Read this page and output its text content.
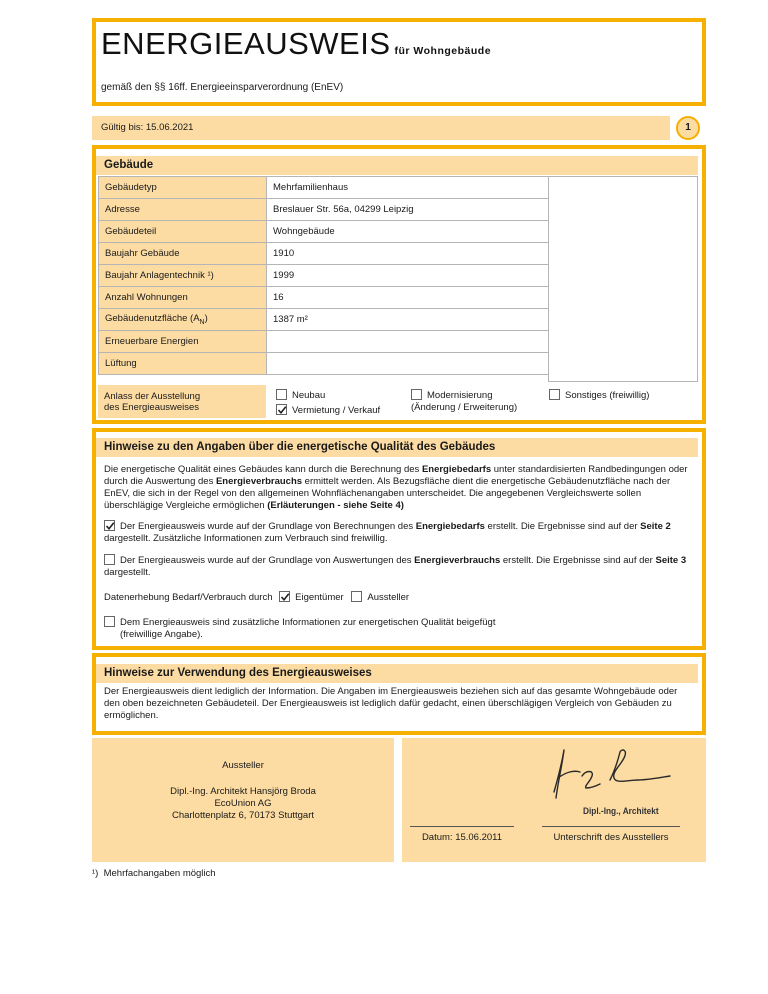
ENERGIEAUSWEIS für Wohngebäude
gemäß den §§ 16ff. Energieeinsparverordnung (EnEV)
Gültig bis: 15.06.2021	1
Gebäude
Gebäudetyp	Mehrfamilienhaus
Adresse	Breslauer Str. 56a, 04299 Leipzig
Gebäudeteil	Wohngebäude
Baujahr Gebäude	1910
Baujahr Anlagentechnik ¹)	1999
Anzahl Wohnungen	16
Gebäudenutzfläche $(A_N)$	1387 m²
Erneuerbare Energien	
Lüftung	
Anlass der Ausstellung
des Energieausweises
Neubau
Vermietung / Verkauf
Modernisierung
(Änderung / Erweiterung)
Sonstiges (freiwillig)
Hinweise zu den Angaben über die energetische Qualität des Gebäudes
Die energetische Qualität eines Gebäudes kann durch die Berechnung des Energiebedarfs unter standardisierten Randbedingungen oder durch die Auswertung des Energieverbrauchs ermittelt werden. Als Bezugsfläche dient die energetische Gebäudenutzfläche nach der EnEV, die sich in der Regel von den allgemeinen Wohnflächenangaben unterscheidet. Die angegebenen Vergleichswerte sollen überschlägige Vergleiche ermöglichen (Erläuterungen - siehe Seite 4)
Der Energieausweis wurde auf der Grundlage von Berechnungen des Energiebedarfs erstellt. Die Ergebnisse sind auf der Seite 2 dargestellt. Zusätzliche Informationen zum Verbrauch sind freiwillig.
Der Energieausweis wurde auf der Grundlage von Auswertungen des Energieverbrauchs erstellt. Die Ergebnisse sind auf der Seite 3 dargestellt.
Datenerhebung Bedarf/Verbrauch durch Eigentümer Aussteller
Dem Energieausweis sind zusätzliche Informationen zur energetischen Qualität beigefügt
(freiwillige Angabe).
Hinweise zur Verwendung des Energieausweises
Der Energieausweis dient lediglich der Information. Die Angaben im Energieausweis beziehen sich auf das gesamte Wohngebäude oder den oben bezeichneten Gebäudeteil. Der Energieausweis ist lediglich dafür gedacht, einen überschlägigen Vergleich von Gebäuden zu ermöglichen.
Aussteller
Dipl.-Ing. Architekt Hansjörg Broda
EcoUnion AG
Charlottenplatz 6, 70173 Stuttgart	Dipl.-Ing., Architekt
Datum: 15.06.2011	Unterschrift des Ausstellers
¹)  Mehrfachangaben möglich
